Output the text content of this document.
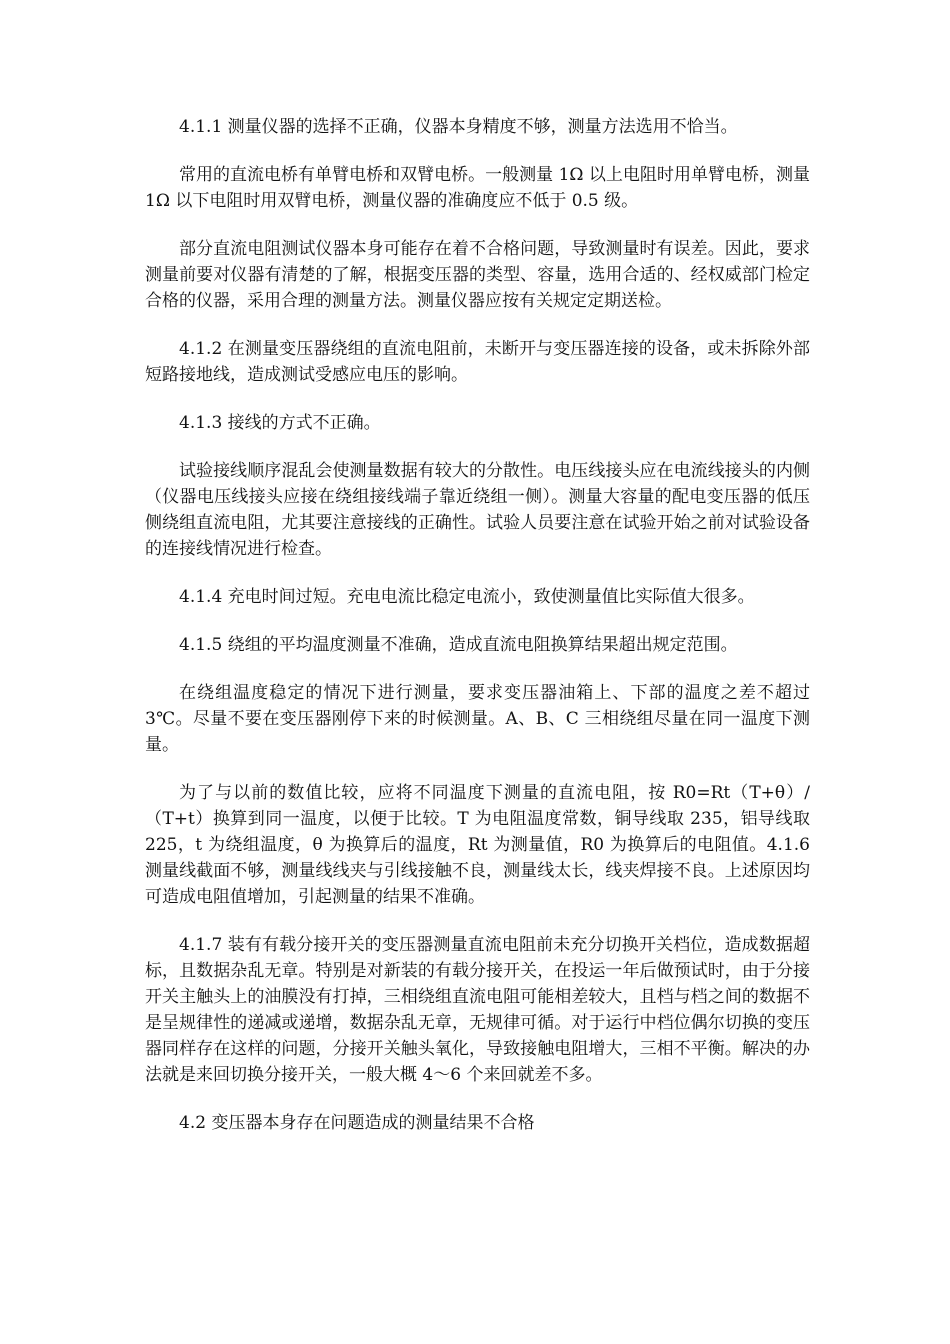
4.1.1 测量仪器的选择不正确，仪器本身精度不够，测量方法选用不恰当。

常用的直流电桥有单臂电桥和双臂电桥。一般测量 1Ω 以上电阻时用单臂电桥，测量 1Ω 以下电阻时用双臂电桥，测量仪器的准确度应不低于 0.5 级。

部分直流电阻测试仪器本身可能存在着不合格问题，导致测量时有误差。因此，要求测量前要对仪器有清楚的了解，根据变压器的类型、容量，选用合适的、经权威部门检定合格的仪器，采用合理的测量方法。测量仪器应按有关规定定期送检。

4.1.2 在测量变压器绕组的直流电阻前，未断开与变压器连接的设备，或未拆除外部短路接地线，造成测试受感应电压的影响。

4.1.3 接线的方式不正确。

试验接线顺序混乱会使测量数据有较大的分散性。电压线接头应在电流线接头的内侧（仪器电压线接头应接在绕组接线端子靠近绕组一侧）。测量大容量的配电变压器的低压侧绕组直流电阻，尤其要注意接线的正确性。试验人员要注意在试验开始之前对试验设备的连接线情况进行检查。

4.1.4 充电时间过短。充电电流比稳定电流小，致使测量值比实际值大很多。

4.1.5 绕组的平均温度测量不准确，造成直流电阻换算结果超出规定范围。

在绕组温度稳定的情况下进行测量，要求变压器油箱上、下部的温度之差不超过 3℃。尽量不要在变压器刚停下来的时候测量。A、B、C 三相绕组尽量在同一温度下测量。

为了与以前的数值比较，应将不同温度下测量的直流电阻，按 R0=Rt（T+θ）/（T+t）换算到同一温度，以便于比较。T 为电阻温度常数，铜导线取 235，铝导线取 225，t 为绕组温度，θ 为换算后的温度，Rt 为测量值，R0 为换算后的电阻值。4.1.6 测量线截面不够，测量线线夹与引线接触不良，测量线太长，线夹焊接不良。上述原因均可造成电阻值增加，引起测量的结果不准确。

4.1.7 装有有载分接开关的变压器测量直流电阻前未充分切换开关档位，造成数据超标，且数据杂乱无章。特别是对新装的有载分接开关，在投运一年后做预试时，由于分接开关主触头上的油膜没有打掉，三相绕组直流电阻可能相差较大，且档与档之间的数据不是呈规律性的递减或递增，数据杂乱无章，无规律可循。对于运行中档位偶尔切换的变压器同样存在这样的问题，分接开关触头氧化，导致接触电阻增大，三相不平衡。解决的办法就是来回切换分接开关，一般大概 4～6 个来回就差不多。

4.2 变压器本身存在问题造成的测量结果不合格
